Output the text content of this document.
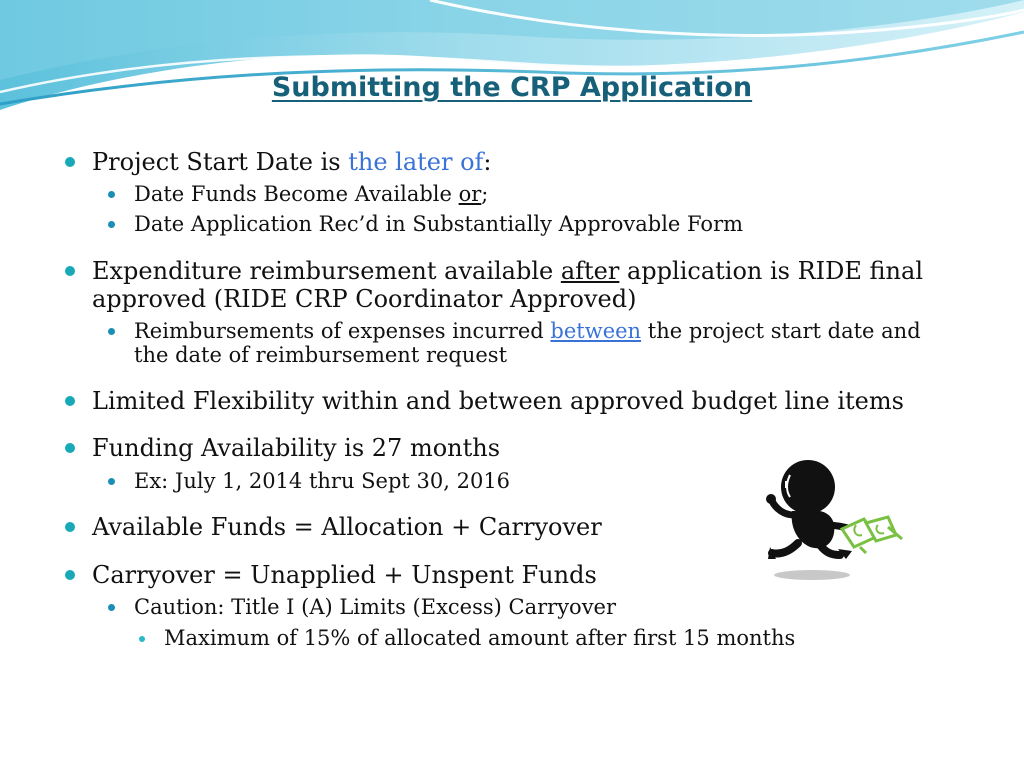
Submitting the CRP Application

Project Start Date is the later of:

Date Funds Become Available or;

Date Application Rec’d in Substantially Approvable Form

Expenditure reimbursement available after application is RIDE final approved (RIDE CRP Coordinator Approved)

Reimbursements of expenses incurred between the project start date and the date of reimbursement request

Limited Flexibility within and between approved budget line items

Funding Availability is 27 months

Ex: July 1, 2014 thru Sept 30, 2016

Available Funds = Allocation + Carryover

Carryover = Unapplied + Unspent Funds

Caution: Title I (A) Limits (Excess) Carryover

Maximum of 15% of allocated amount after first 15 months
